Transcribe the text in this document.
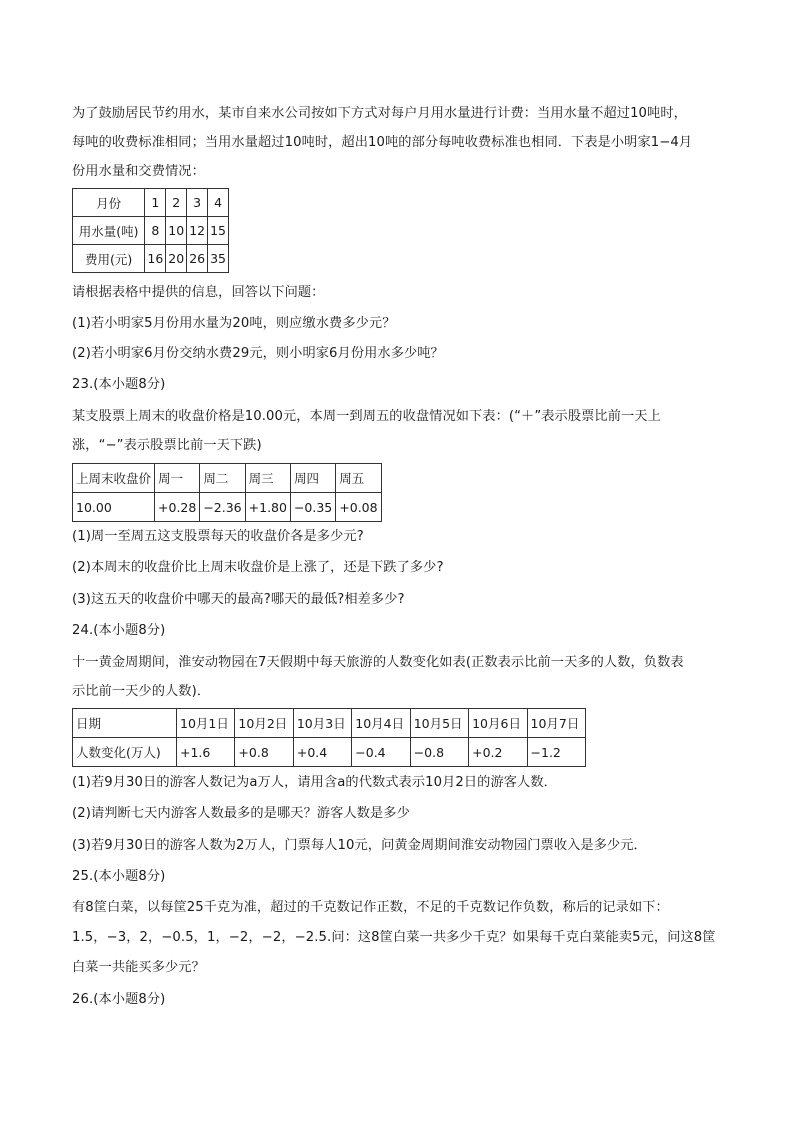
为了鼓励居民节约用水，某市自来水公司按如下方式对每户月用水量进行计费：当用水量不超过10吨时，
每吨的收费标准相同；当用水量超过10吨时，超出10吨的部分每吨收费标准也相同．下表是小明家1−4月
份用水量和交费情况：
月份	1	2	3	4
用水量(吨)	8	10	12	15
费用(元)	16	20	26	35
请根据表格中提供的信息，回答以下问题：
(1)若小明家5月份用水量为20吨，则应缴水费多少元？
(2)若小明家6月份交纳水费29元，则小明家6月份用水多少吨？
23.(本小题8分)
某支股票上周末的收盘价格是10.00元，本周一到周五的收盘情况如下表：(“＋”表示股票比前一天上
涨，“−”表示股票比前一天下跌)
上周末收盘价	周一	周二	周三	周四	周五
10.00	+0.28	−2.36	+1.80	−0.35	+0.08
(1)周一至周五这支股票每天的收盘价各是多少元?
(2)本周末的收盘价比上周末收盘价是上涨了，还是下跌了多少?
(3)这五天的收盘价中哪天的最高?哪天的最低?相差多少?
24.(本小题8分)
十一黄金周期间，淮安动物园在7天假期中每天旅游的人数变化如表(正数表示比前一天多的人数，负数表
示比前一天少的人数)．
日期	10月1日	10月2日	10月3日	10月4日	10月5日	10月6日	10月7日
人数变化(万人)	+1.6	+0.8	+0.4	−0.4	−0.8	+0.2	−1.2
(1)若9月30日的游客人数记为a万人，请用含a的代数式表示10月2日的游客人数．
(2)请判断七天内游客人数最多的是哪天？游客人数是多少
(3)若9月30日的游客人数为2万人，门票每人10元，问黄金周期间淮安动物园门票收入是多少元．
25.(本小题8分)
有8筐白菜，以每筐25千克为准，超过的千克数记作正数，不足的千克数记作负数，称后的记录如下：
1.5，−3，2，−0.5，1，−2，−2，−2.5.问：这8筐白菜一共多少千克？如果每千克白菜能卖5元，问这8筐
白菜一共能买多少元？
26.(本小题8分)
